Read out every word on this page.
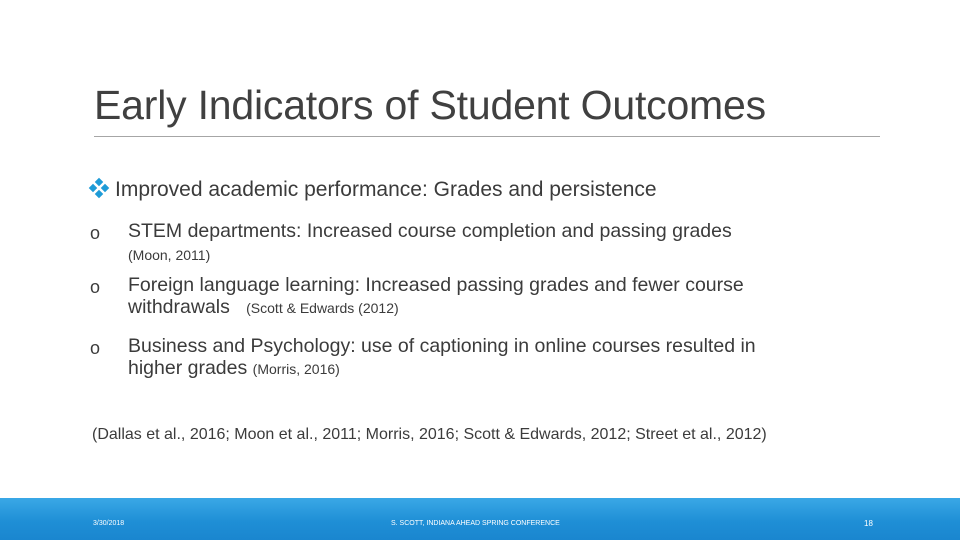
Early Indicators of Student Outcomes
Improved academic performance: Grades and persistence
o STEM departments: Increased course completion and passing grades
(Moon, 2011)
o Foreign language learning: Increased passing grades and fewer course
withdrawals (Scott & Edwards (2012)
o Business and Psychology: use of captioning in online courses resulted in
higher grades (Morris, 2016)
(Dallas et al., 2016; Moon et al., 2011; Morris, 2016; Scott & Edwards, 2012; Street et al., 2012)
3/30/2018	S. SCOTT, INDIANA AHEAD SPRING CONFERENCE	18
